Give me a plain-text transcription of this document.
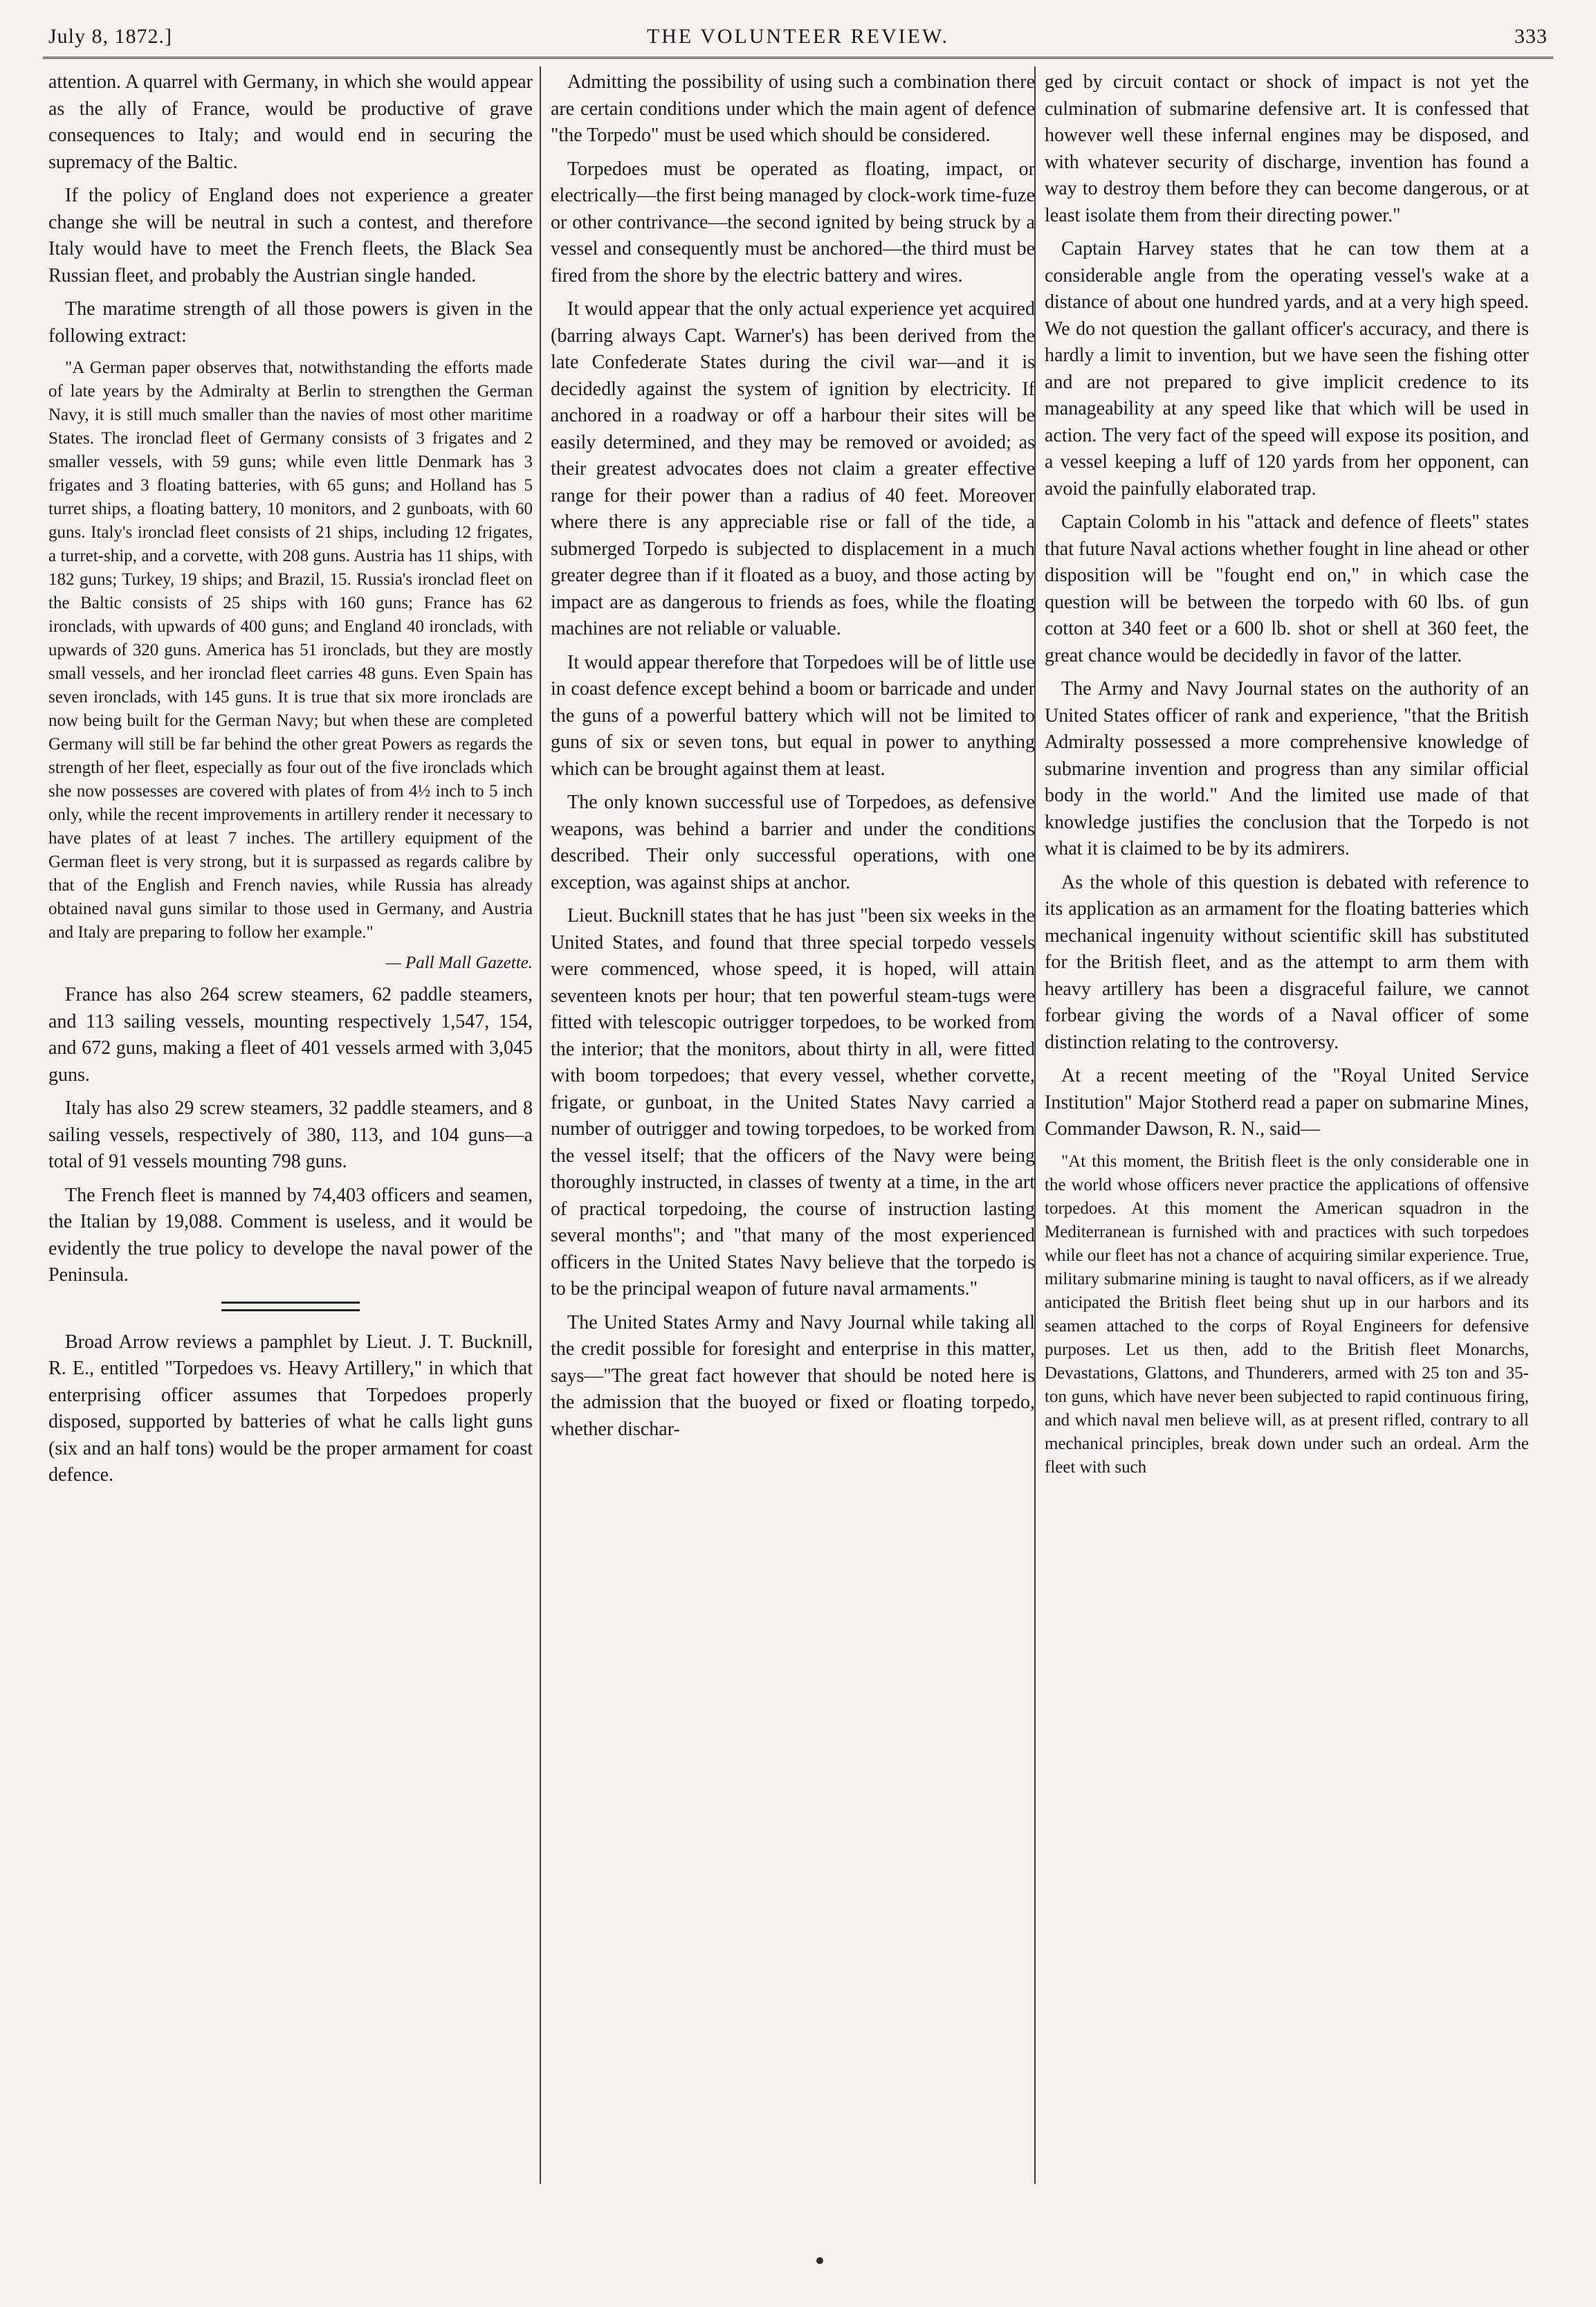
July 8, 1872.]	THE VOLUNTEER REVIEW.	333

attention. A quarrel with Germany, in which she would appear as the ally of France, would be productive of grave consequences to Italy; and would end in securing the supremacy of the Baltic.

If the policy of England does not experience a greater change she will be neutral in such a contest, and therefore Italy would have to meet the French fleets, the Black Sea Russian fleet, and probably the Austrian single handed.

The maratime strength of all those powers is given in the following extract:

"A German paper observes that, notwithstanding the efforts made of late years by the Admiralty at Berlin to strengthen the German Navy, it is still much smaller than the navies of most other maritime States. The ironclad fleet of Germany consists of 3 frigates and 2 smaller vessels, with 59 guns; while even little Denmark has 3 frigates and 3 floating batteries, with 65 guns; and Holland has 5 turret ships, a floating battery, 10 monitors, and 2 gunboats, with 60 guns. Italy's ironclad fleet consists of 21 ships, including 12 frigates, a turret-ship, and a corvette, with 208 guns. Austria has 11 ships, with 182 guns; Turkey, 19 ships; and Brazil, 15. Russia's ironclad fleet on the Baltic consists of 25 ships with 160 guns; France has 62 ironclads, with upwards of 400 guns; and England 40 ironclads, with upwards of 320 guns. America has 51 ironclads, but they are mostly small vessels, and her ironclad fleet carries 48 guns. Even Spain has seven ironclads, with 145 guns. It is true that six more ironclads are now being built for the German Navy; but when these are completed Germany will still be far behind the other great Powers as regards the strength of her fleet, especially as four out of the five ironclads which she now possesses are covered with plates of from 4½ inch to 5 inch only, while the recent improvements in artillery render it necessary to have plates of at least 7 inches. The artillery equipment of the German fleet is very strong, but it is surpassed as regards calibre by that of the English and French navies, while Russia has already obtained naval guns similar to those used in Germany, and Austria and Italy are preparing to follow her example."

— Pall Mall Gazette.

France has also 264 screw steamers, 62 paddle steamers, and 113 sailing vessels, mounting respectively 1,547, 154, and 672 guns, making a fleet of 401 vessels armed with 3,045 guns.

Italy has also 29 screw steamers, 32 paddle steamers, and 8 sailing vessels, respectively of 380, 113, and 104 guns—a total of 91 vessels mounting 798 guns.

The French fleet is manned by 74,403 officers and seamen, the Italian by 19,088. Comment is useless, and it would be evidently the true policy to develope the naval power of the Peninsula.

Broad Arrow reviews a pamphlet by Lieut. J. T. Bucknill, R. E., entitled "Torpedoes vs. Heavy Artillery," in which that enterprising officer assumes that Torpedoes properly disposed, supported by batteries of what he calls light guns (six and an half tons) would be the proper armament for coast defence.

Admitting the possibility of using such a combination there are certain conditions under which the main agent of defence "the Torpedo" must be used which should be considered.

Torpedoes must be operated as floating, impact, or electrically—the first being managed by clock-work time-fuze or other contrivance—the second ignited by being struck by a vessel and consequently must be anchored—the third must be fired from the shore by the electric battery and wires.

It would appear that the only actual experience yet acquired (barring always Capt. Warner's) has been derived from the late Confederate States during the civil war—and it is decidedly against the system of ignition by electricity. If anchored in a roadway or off a harbour their sites will be easily determined, and they may be removed or avoided; as their greatest advocates does not claim a greater effective range for their power than a radius of 40 feet. Moreover where there is any appreciable rise or fall of the tide, a submerged Torpedo is subjected to displacement in a much greater degree than if it floated as a buoy, and those acting by impact are as dangerous to friends as foes, while the floating machines are not reliable or valuable.

It would appear therefore that Torpedoes will be of little use in coast defence except behind a boom or barricade and under the guns of a powerful battery which will not be limited to guns of six or seven tons, but equal in power to anything which can be brought against them at least.

The only known successful use of Torpedoes, as defensive weapons, was behind a barrier and under the conditions described. Their only successful operations, with one exception, was against ships at anchor.

Lieut. Bucknill states that he has just "been six weeks in the United States, and found that three special torpedo vessels were commenced, whose speed, it is hoped, will attain seventeen knots per hour; that ten powerful steam-tugs were fitted with telescopic outrigger torpedoes, to be worked from the interior; that the monitors, about thirty in all, were fitted with boom torpedoes; that every vessel, whether corvette, frigate, or gunboat, in the United States Navy carried a number of outrigger and towing torpedoes, to be worked from the vessel itself; that the officers of the Navy were being thoroughly instructed, in classes of twenty at a time, in the art of practical torpedoing, the course of instruction lasting several months"; and "that many of the most experienced officers in the United States Navy believe that the torpedo is to be the principal weapon of future naval armaments."

The United States Army and Navy Journal while taking all the credit possible for foresight and enterprise in this matter, says—"The great fact however that should be noted here is the admission that the buoyed or fixed or floating torpedo, whether dischar-

ged by circuit contact or shock of impact is not yet the culmination of submarine defensive art. It is confessed that however well these infernal engines may be disposed, and with whatever security of discharge, invention has found a way to destroy them before they can become dangerous, or at least isolate them from their directing power."

Captain Harvey states that he can tow them at a considerable angle from the operating vessel's wake at a distance of about one hundred yards, and at a very high speed. We do not question the gallant officer's accuracy, and there is hardly a limit to invention, but we have seen the fishing otter and are not prepared to give implicit credence to its manageability at any speed like that which will be used in action. The very fact of the speed will expose its position, and a vessel keeping a luff of 120 yards from her opponent, can avoid the painfully elaborated trap.

Captain Colomb in his "attack and defence of fleets" states that future Naval actions whether fought in line ahead or other disposition will be "fought end on," in which case the question will be between the torpedo with 60 lbs. of gun cotton at 340 feet or a 600 lb. shot or shell at 360 feet, the great chance would be decidedly in favor of the latter.

The Army and Navy Journal states on the authority of an United States officer of rank and experience, "that the British Admiralty possessed a more comprehensive knowledge of submarine invention and progress than any similar official body in the world." And the limited use made of that knowledge justifies the conclusion that the Torpedo is not what it is claimed to be by its admirers.

As the whole of this question is debated with reference to its application as an armament for the floating batteries which mechanical ingenuity without scientific skill has substituted for the British fleet, and as the attempt to arm them with heavy artillery has been a disgraceful failure, we cannot forbear giving the words of a Naval officer of some distinction relating to the controversy.

At a recent meeting of the "Royal United Service Institution" Major Stotherd read a paper on submarine Mines, Commander Dawson, R. N., said—

"At this moment, the British fleet is the only considerable one in the world whose officers never practice the applications of offensive torpedoes. At this moment the American squadron in the Mediterranean is furnished with and practices with such torpedoes while our fleet has not a chance of acquiring similar experience. True, military submarine mining is taught to naval officers, as if we already anticipated the British fleet being shut up in our harbors and its seamen attached to the corps of Royal Engineers for defensive purposes. Let us then, add to the British fleet Monarchs, Devastations, Glattons, and Thunderers, armed with 25 ton and 35-ton guns, which have never been subjected to rapid continuous firing, and which naval men believe will, as at present rifled, contrary to all mechanical principles, break down under such an ordeal. Arm the fleet with such
